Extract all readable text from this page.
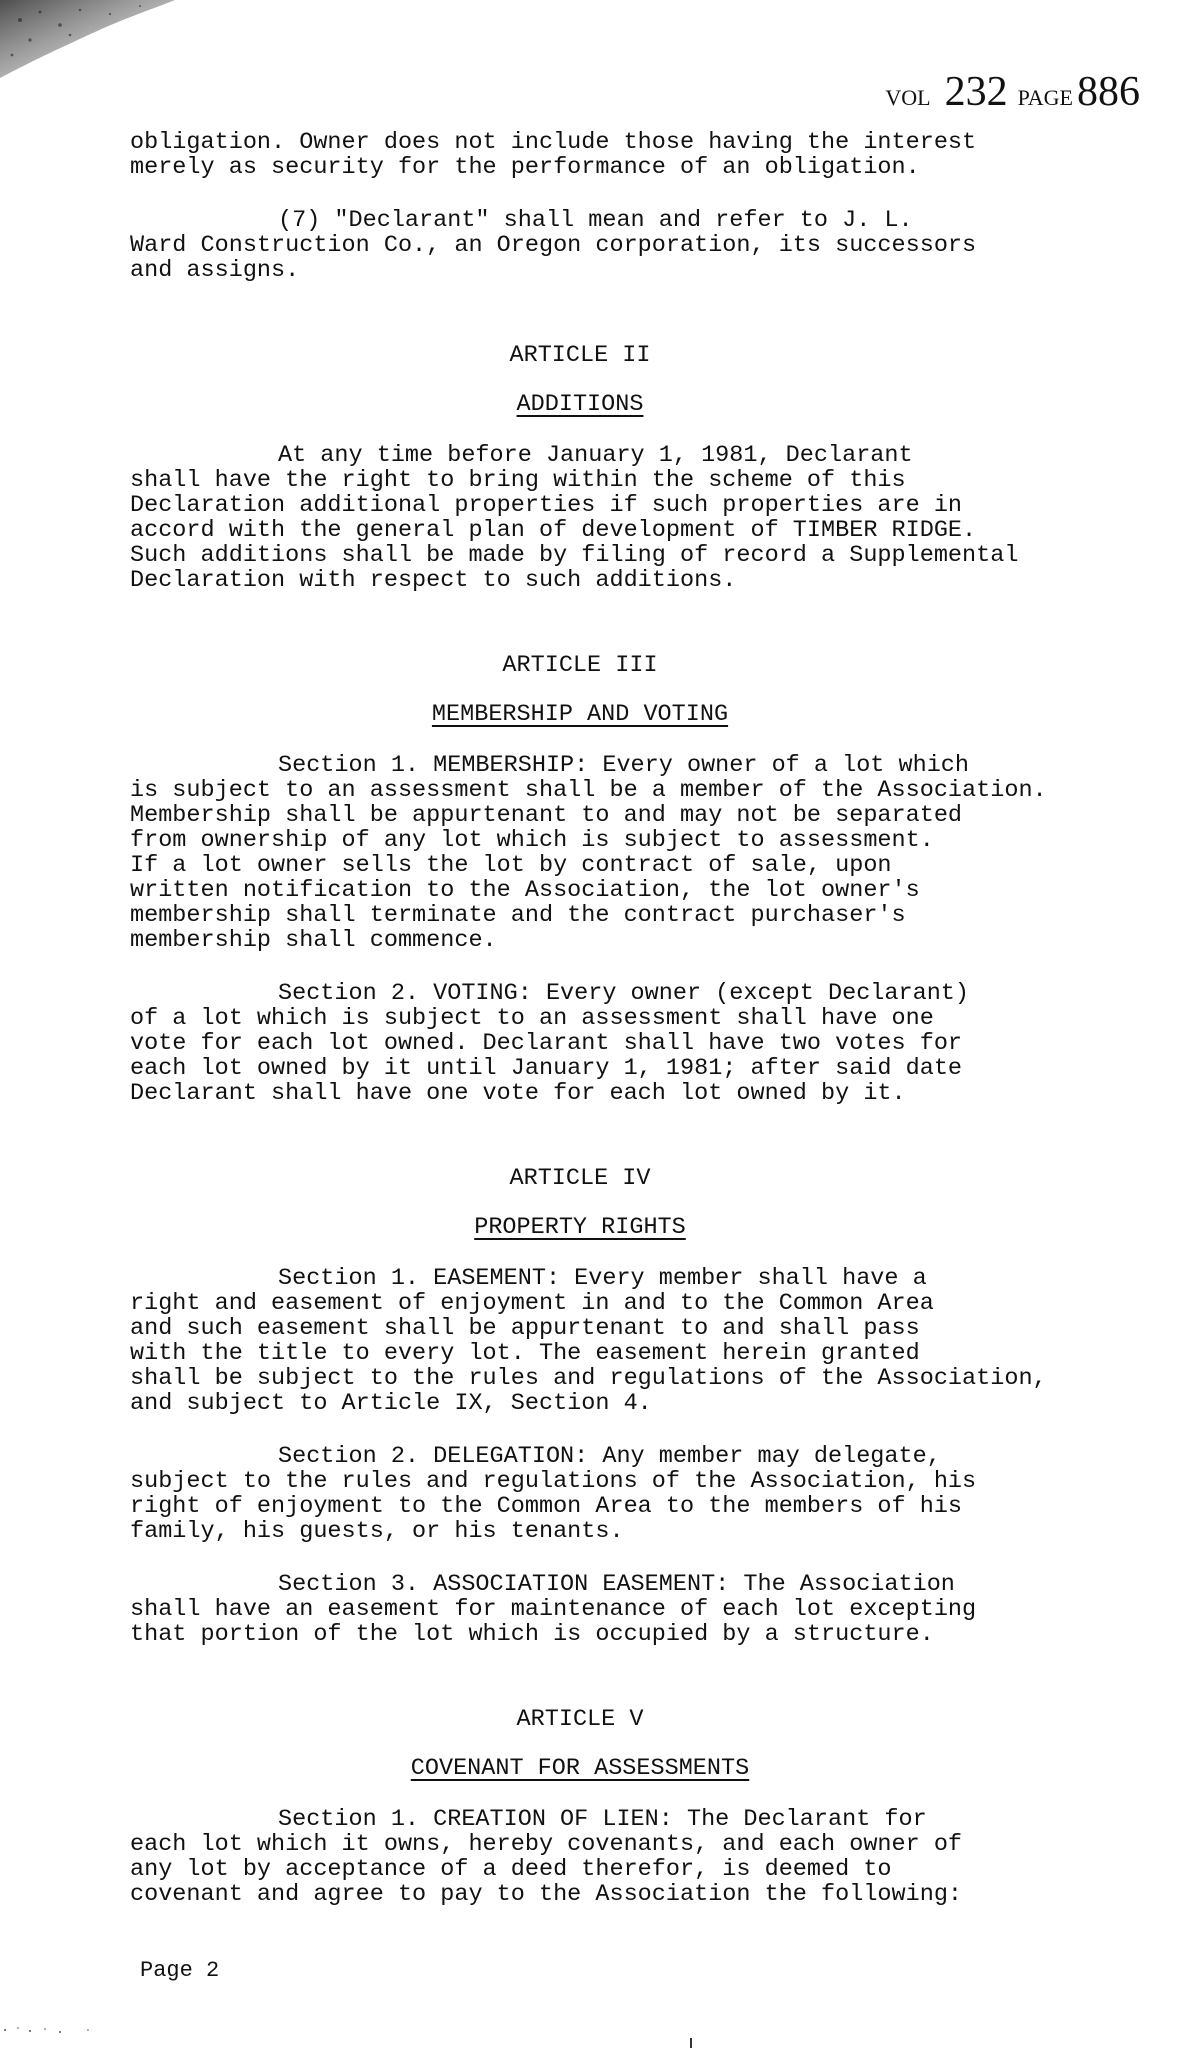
VOL 232 PAGE 886

obligation. Owner does not include those having the interest
merely as security for the performance of an obligation.

(7) "Declarant" shall mean and refer to J. L.
Ward Construction Co., an Oregon corporation, its successors
and assigns.

ARTICLE II
ADDITIONS

At any time before January 1, 1981, Declarant
shall have the right to bring within the scheme of this
Declaration additional properties if such properties are in
accord with the general plan of development of TIMBER RIDGE.
Such additions shall be made by filing of record a Supplemental
Declaration with respect to such additions.

ARTICLE III
MEMBERSHIP AND VOTING

Section 1. MEMBERSHIP: Every owner of a lot which
is subject to an assessment shall be a member of the Association.
Membership shall be appurtenant to and may not be separated
from ownership of any lot which is subject to assessment.
If a lot owner sells the lot by contract of sale, upon
written notification to the Association, the lot owner's
membership shall terminate and the contract purchaser's
membership shall commence.

Section 2. VOTING: Every owner (except Declarant)
of a lot which is subject to an assessment shall have one
vote for each lot owned. Declarant shall have two votes for
each lot owned by it until January 1, 1981; after said date
Declarant shall have one vote for each lot owned by it.

ARTICLE IV
PROPERTY RIGHTS

Section 1. EASEMENT: Every member shall have a
right and easement of enjoyment in and to the Common Area
and such easement shall be appurtenant to and shall pass
with the title to every lot. The easement herein granted
shall be subject to the rules and regulations of the Association,
and subject to Article IX, Section 4.

Section 2. DELEGATION: Any member may delegate,
subject to the rules and regulations of the Association, his
right of enjoyment to the Common Area to the members of his
family, his guests, or his tenants.

Section 3. ASSOCIATION EASEMENT: The Association
shall have an easement for maintenance of each lot excepting
that portion of the lot which is occupied by a structure.

ARTICLE V
COVENANT FOR ASSESSMENTS

Section 1. CREATION OF LIEN: The Declarant for
each lot which it owns, hereby covenants, and each owner of
any lot by acceptance of a deed therefor, is deemed to
covenant and agree to pay to the Association the following:

Page 2
